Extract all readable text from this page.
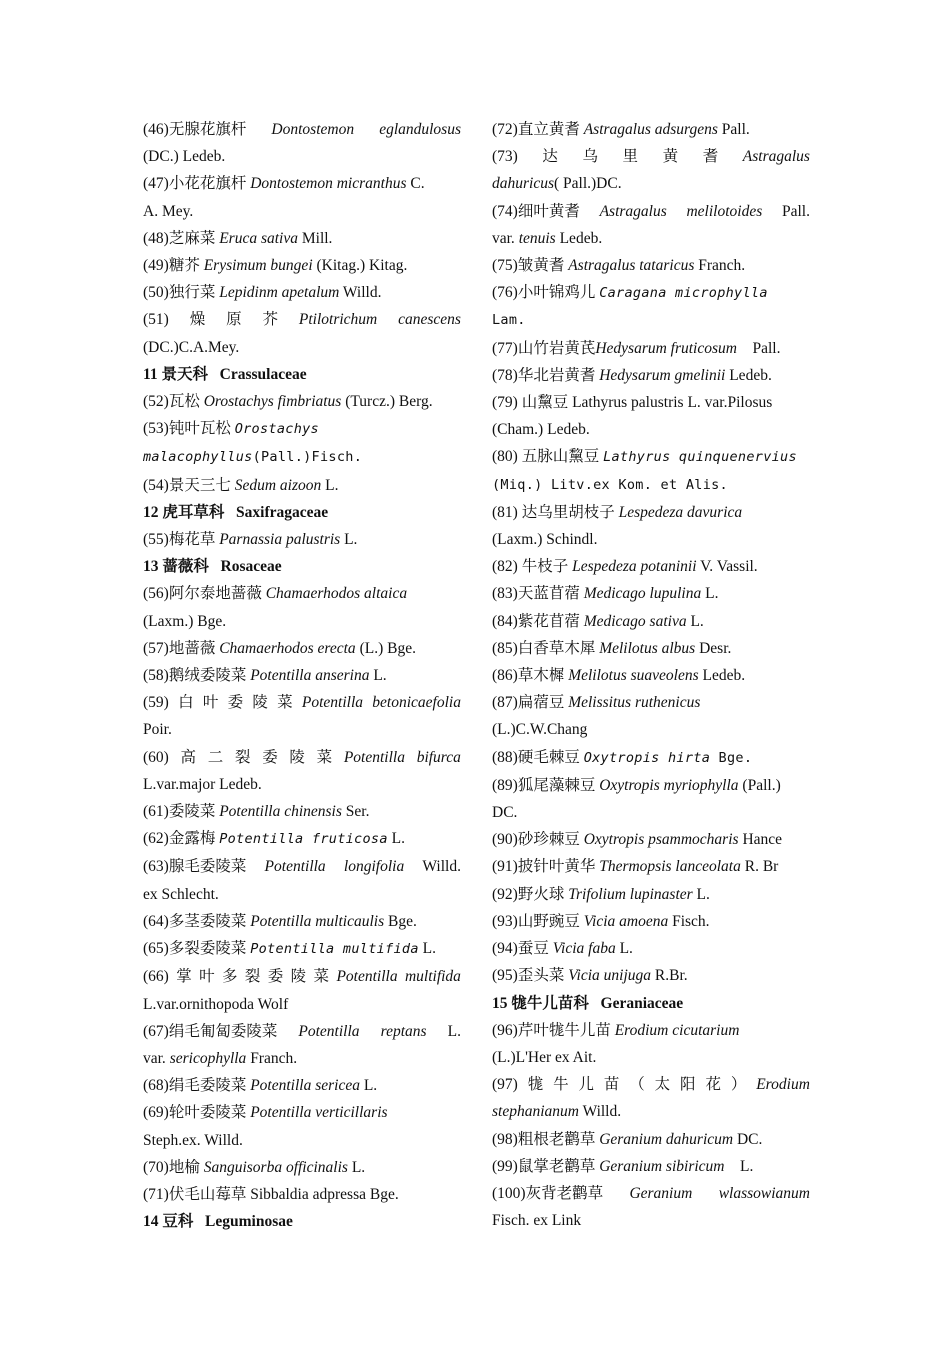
(46)无腺花旗杆 Dontostemon eglandulosus
(DC.) Ledeb.
(47)小花花旗杆 Dontostemon micranthus C.
A. Mey.
(48)芝麻菜 Eruca sativa Mill.
(49)糖芥 Erysimum bungei (Kitag.) Kitag.
(50)独行菜 Lepidinm apetalum Willd.
(51) 燥 原 芥 Ptilotrichum canescens
(DC.)C.A.Mey.
11 景天科 Crassulaceae
(52)瓦松 Orostachys fimbriatus (Turcz.) Berg.
(53)钝叶瓦松 Orostachys
malacophyllus(Pall.)Fisch.
(54)景天三七 Sedum aizoon L.
12 虎耳草科 Saxifragaceae
(55)梅花草 Parnassia palustris L.
13 蔷薇科 Rosaceae
(56)阿尔泰地蔷薇 Chamaerhodos altaica
(Laxm.) Bge.
(57)地蔷薇 Chamaerhodos erecta (L.) Bge.
(58)鹅绒委陵菜 Potentilla anserina L.
(59) 白 叶 委 陵 菜 Potentilla betonicaefolia
Poir.
(60) 高 二 裂 委 陵 菜 Potentilla bifurca
L.var.major Ledeb.
(61)委陵菜 Potentilla chinensis Ser.
(62)金露梅 Potentilla fruticosa L.
(63)腺毛委陵菜 Potentilla longifolia Willd.
ex Schlecht.
(64)多茎委陵菜 Potentilla multicaulis Bge.
(65)多裂委陵菜 Potentilla multifida L.
(66) 掌 叶 多 裂 委 陵 菜 Potentilla multifida
L.var.ornithopoda Wolf
(67)绢毛匍匐委陵菜 Potentilla reptans L.
var. sericophylla Franch.
(68)绢毛委陵菜 Potentilla sericea L.
(69)轮叶委陵菜 Potentilla verticillaris
Steph.ex. Willd.
(70)地榆 Sanguisorba officinalis L.
(71)伏毛山莓草 Sibbaldia adpressa Bge.
14 豆科 Leguminosae
(72)直立黄耆 Astragalus adsurgens Pall.
(73) 达 乌 里 黄 耆 Astragalus
dahuricus( Pall.)DC.
(74)细叶黄耆 Astragalus melilotoides Pall.
var. tenuis Ledeb.
(75)皱黄耆 Astragalus tataricus Franch.
(76)小叶锦鸡儿 Caragana microphylla
Lam.
(77)山竹岩黄芪Hedysarum fruticosum Pall.
(78)华北岩黄耆 Hedysarum gmelinii Ledeb.
(79) 山黧豆 Lathyrus palustris L. var.Pilosus
(Cham.) Ledeb.
(80) 五脉山黧豆 Lathyrus quinquenervius
(Miq.) Litv.ex Kom. et Alis.
(81) 达乌里胡枝子 Lespedeza davurica
(Laxm.) Schindl.
(82) 牛枝子 Lespedeza potaninii V. Vassil.
(83)天蓝苜蓿 Medicago lupulina L.
(84)紫花苜蓿 Medicago sativa L.
(85)白香草木犀 Melilotus albus Desr.
(86)草木樨 Melilotus suaveolens Ledeb.
(87)扁蓿豆 Melissitus ruthenicus
(L.)C.W.Chang
(88)硬毛棘豆 Oxytropis hirta Bge.
(89)狐尾藻棘豆 Oxytropis myriophylla (Pall.)
DC.
(90)砂珍棘豆 Oxytropis psammocharis Hance
(91)披针叶黄华 Thermopsis lanceolata R. Br
(92)野火球 Trifolium lupinaster L.
(93)山野豌豆 Vicia amoena Fisch.
(94)蚕豆 Vicia faba L.
(95)歪头菜 Vicia unijuga R.Br.
15 牻牛儿苗科 Geraniaceae
(96)芹叶牻牛儿苗 Erodium cicutarium
(L.)L'Her ex Ait.
(97) 牻 牛 儿 苗 （ 太 阳 花 ） Erodium
stephanianum Willd.
(98)粗根老鹳草 Geranium dahuricum DC.
(99)鼠掌老鹳草 Geranium sibiricum    L.
(100)灰背老鹳草 Geranium wlassowianum
Fisch. ex Link
